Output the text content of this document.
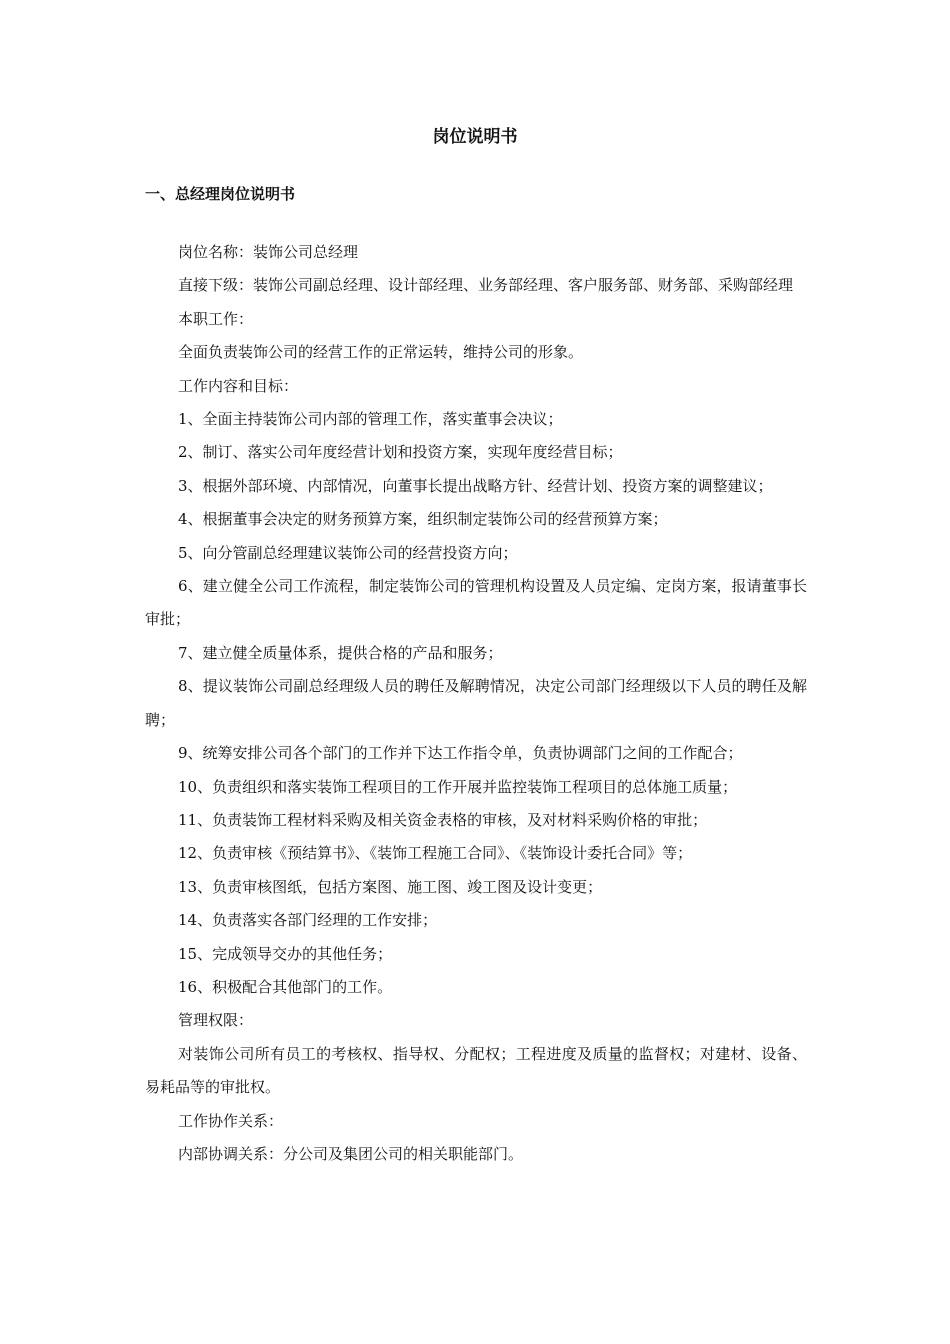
岗位说明书
一、总经理岗位说明书

岗位名称：装饰公司总经理

直接下级：装饰公司副总经理、设计部经理、业务部经理、客户服务部、财务部、采购部经理

本职工作：

全面负责装饰公司的经营工作的正常运转，维持公司的形象。

工作内容和目标：

1、全面主持装饰公司内部的管理工作，落实董事会决议；

2、制订、落实公司年度经营计划和投资方案，实现年度经营目标；

3、根据外部环境、内部情况，向董事长提出战略方针、经营计划、投资方案的调整建议；

4、根据董事会决定的财务预算方案，组织制定装饰公司的经营预算方案；

5、向分管副总经理建议装饰公司的经营投资方向；

6、建立健全公司工作流程，制定装饰公司的管理机构设置及人员定编、定岗方案，报请董事长审批；

7、建立健全质量体系，提供合格的产品和服务；

8、提议装饰公司副总经理级人员的聘任及解聘情况，决定公司部门经理级以下人员的聘任及解聘；

9、统筹安排公司各个部门的工作并下达工作指令单，负责协调部门之间的工作配合；

10、负责组织和落实装饰工程项目的工作开展并监控装饰工程项目的总体施工质量；

11、负责装饰工程材料采购及相关资金表格的审核，及对材料采购价格的审批；

12、负责审核《预结算书》、《装饰工程施工合同》、《装饰设计委托合同》等；

13、负责审核图纸，包括方案图、施工图、竣工图及设计变更；

14、负责落实各部门经理的工作安排；

15、完成领导交办的其他任务；

16、积极配合其他部门的工作。

管理权限：

对装饰公司所有员工的考核权、指导权、分配权；工程进度及质量的监督权；对建材、设备、易耗品等的审批权。

工作协作关系：

内部协调关系：分公司及集团公司的相关职能部门。
